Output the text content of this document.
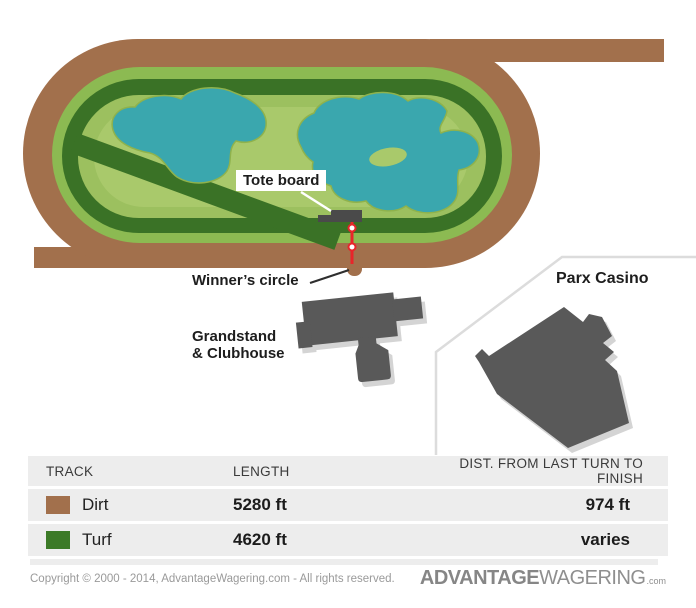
Tote board
Winner’s circle
Grandstand
& Clubhouse
Parx Casino
TRACK	LENGTH	DIST. FROM LAST TURN TO FINISH
Dirt	5280 ft	974 ft
Turf	4620 ft	varies
Copyright © 2000 - 2014, AdvantageWagering.com - All rights reserved. ADVANTAGE WAGERING .com
